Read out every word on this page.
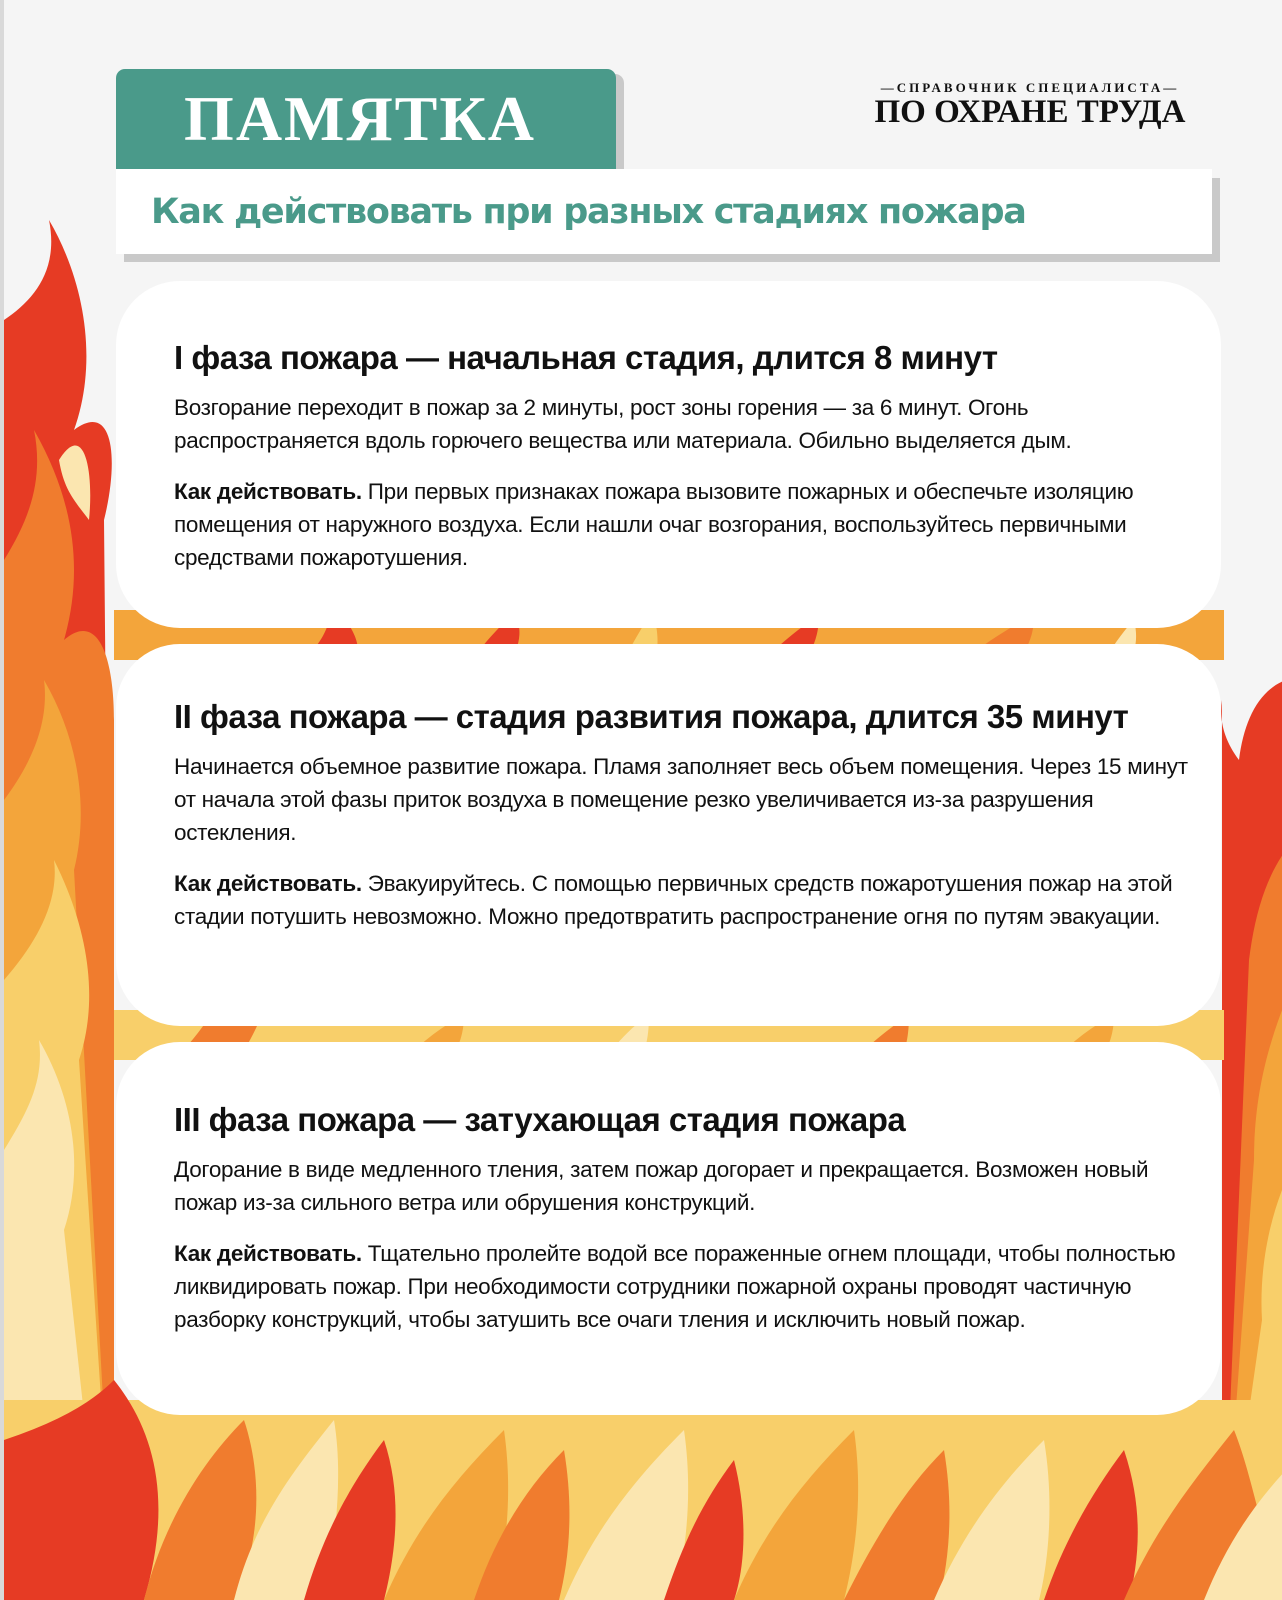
ПАМЯТКА	—СПРАВОЧНИК СПЕЦИАЛИСТА—
ПО ОХРАНЕ ТРУДА
Как действовать при разных стадиях пожара
I фаза пожара — начальная стадия, длится 8 минут

Возгорание переходит в пожар за 2 минуты, рост зоны горения — за 6 минут. Огонь распространяется вдоль горючего вещества или материала. Обильно выделяется дым.

Как действовать. При первых признаках пожара вызовите пожарных и обеспечьте изоляцию помещения от наружного воздуха. Если нашли очаг возгорания, воспользуйтесь первичными средствами пожаротушения.

II фаза пожара — стадия развития пожара, длится 35 минут

Начинается объемное развитие пожара. Пламя заполняет весь объем помещения. Через 15 минут от начала этой фазы приток воздуха в помещение резко увеличивается из-за разрушения остекления.

Как действовать. Эвакуируйтесь. С помощью первичных средств пожаротушения пожар на этой стадии потушить невозможно. Можно предотвратить распространение огня по путям эвакуации.

III фаза пожара — затухающая стадия пожара

Догорание в виде медленного тления, затем пожар догорает и прекращается. Возможен новый пожар из-за сильного ветра или обрушения конструкций.

Как действовать. Тщательно пролейте водой все пораженные огнем площади, чтобы полностью ликвидировать пожар. При необходимости сотрудники пожарной охраны проводят частичную разборку конструкций, чтобы затушить все очаги тления и исключить новый пожар.
